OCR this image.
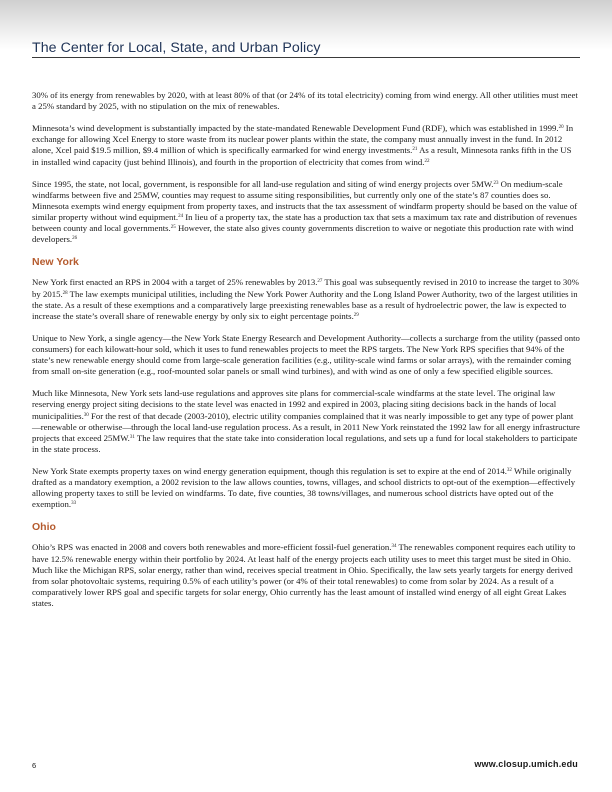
The Center for Local, State, and Urban Policy

30% of its energy from renewables by 2020, with at least 80% of that (or 24% of its total electricity) coming from wind energy. All other utilities must meet a 25% standard by 2025, with no stipulation on the mix of renewables.

Minnesota’s wind development is substantially impacted by the state-mandated Renewable Development Fund (RDF), which was established in 1999.20 In exchange for allowing Xcel Energy to store waste from its nuclear power plants within the state, the company must annually invest in the fund. In 2012 alone, Xcel paid $19.5 million, $9.4 million of which is specifically earmarked for wind energy investments.$^{21}$ As a result, Minnesota ranks fifth in the US in installed wind capacity (just behind Illinois), and fourth in the proportion of electricity that comes from wind.$^{22}$

Since 1995, the state, not local, government, is responsible for all land-use regulation and siting of wind energy projects over 5MW.$^{23}$ On medium-scale windfarms between five and 25MW, counties may request to assume siting responsibilities, but currently only one of the state’s 87 counties does so. Minnesota exempts wind energy equipment from property taxes, and instructs that the tax assessment of windfarm property should be based on the value of similar property without wind equipment.$^{24}$ In lieu of a property tax, the state has a production tax that sets a maximum tax rate and distribution of revenues between county and local governments.$^{25}$ However, the state also gives county governments discretion to waive or negotiate this production rate with wind developers.$^{26}$

New York

New York first enacted an RPS in 2004 with a target of 25% renewables by 2013.27 This goal was subsequently revised in 2010 to increase the target to 30% by 2015.28 The law exempts municipal utilities, including the New York Power Authority and the Long Island Power Authority, two of the largest utilities in the state. As a result of these exemptions and a comparatively large preexisting renewables base as a result of hydroelectric power, the law is expected to increase the state’s overall share of renewable energy by only six to eight percentage points.$^{29}$

Unique to New York, a single agency—the New York State Energy Research and Development Authority—collects a surcharge from the utility (passed onto consumers) for each kilowatt-hour sold, which it uses to fund renewables projects to meet the RPS targets. The New York RPS specifies that 94% of the state’s new renewable energy should come from large-scale generation facilities (e.g., utility-scale wind farms or solar arrays), with the remainder coming from small on-site generation (e.g., roof-mounted solar panels or small wind turbines), and with wind as one of only a few specified eligible sources.

Much like Minnesota, New York sets land-use regulations and approves site plans for commercial-scale windfarms at the state level. The original law reserving energy project siting decisions to the state level was enacted in 1992 and expired in 2003, placing siting decisions back in the hands of local municipalities.$^{30}$ For the rest of that decade (2003-2010), electric utility companies complained that it was nearly impossible to get any type of power plant—renewable or otherwise—through the local land-use regulation process. As a result, in 2011 New York reinstated the 1992 law for all energy infrastructure projects that exceed 25MW.$^{31}$ The law requires that the state take into consideration local regulations, and sets up a fund for local stakeholders to participate in the state process.

New York State exempts property taxes on wind energy generation equipment, though this regulation is set to expire at the end of 2014.32 While originally drafted as a mandatory exemption, a 2002 revision to the law allows counties, towns, villages, and school districts to opt-out of the exemption—effectively allowing property taxes to still be levied on windfarms. To date, five counties, 38 towns/villages, and numerous school districts have opted out of the exemption.$^{33}$

Ohio

Ohio’s RPS was enacted in 2008 and covers both renewables and more-efficient fossil-fuel generation.$^{34}$ The renewables component requires each utility to have 12.5% renewable energy within their portfolio by 2024. At least half of the energy projects each utility uses to meet this target must be sited in Ohio. Much like the Michigan RPS, solar energy, rather than wind, receives special treatment in Ohio. Specifically, the law sets yearly targets for energy derived from solar photovoltaic systems, requiring 0.5% of each utility’s power (or 4% of their total renewables) to come from solar by 2024. As a result of a comparatively lower RPS goal and specific targets for solar energy, Ohio currently has the least amount of installed wind energy of all eight Great Lakes states.

6	www.closup.umich.edu
